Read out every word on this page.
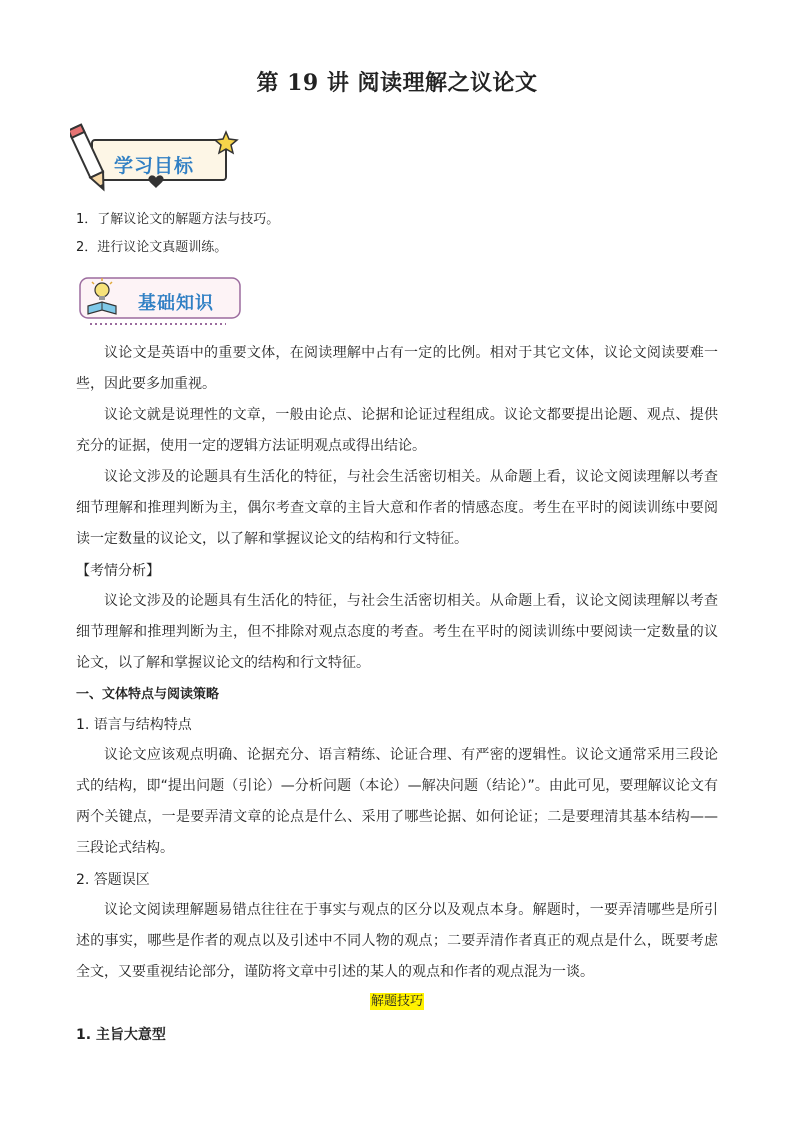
第 19 讲 阅读理解之议论文
学习目标
1．了解议论文的解题方法与技巧。
2．进行议论文真题训练。
基础知识

议论文是英语中的重要文体，在阅读理解中占有一定的比例。相对于其它文体，议论文阅读要难一些，因此要多加重视。

议论文就是说理性的文章，一般由论点、论据和论证过程组成。议论文都要提出论题、观点、提供充分的证据，使用一定的逻辑方法证明观点或得出结论。

议论文涉及的论题具有生活化的特征，与社会生活密切相关。从命题上看，议论文阅读理解以考查细节理解和推理判断为主，偶尔考查文章的主旨大意和作者的情感态度。考生在平时的阅读训练中要阅读一定数量的议论文，以了解和掌握议论文的结构和行文特征。

【考情分析】

议论文涉及的论题具有生活化的特征，与社会生活密切相关。从命题上看，议论文阅读理解以考查细节理解和推理判断为主，但不排除对观点态度的考查。考生在平时的阅读训练中要阅读一定数量的议论文，以了解和掌握议论文的结构和行文特征。

一、文体特点与阅读策略
1. 语言与结构特点

议论文应该观点明确、论据充分、语言精练、论证合理、有严密的逻辑性。议论文通常采用三段论式的结构，即“提出问题（引论）—分析问题（本论）—解决问题（结论）”。由此可见，要理解议论文有两个关键点，一是要弄清文章的论点是什么、采用了哪些论据、如何论证；二是要理清其基本结构——三段论式结构。

2. 答题误区

议论文阅读理解题易错点往往在于事实与观点的区分以及观点本身。解题时，一要弄清哪些是所引述的事实，哪些是作者的观点以及引述中不同人物的观点；二要弄清作者真正的观点是什么，既要考虑全文，又要重视结论部分，谨防将文章中引述的某人的观点和作者的观点混为一谈。

解题技巧
1. 主旨大意型
